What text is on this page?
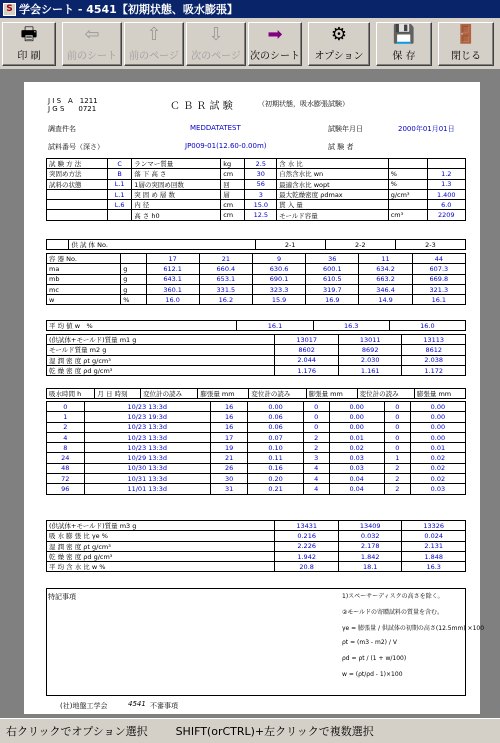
S 学会シート - 4541【初期状態、吸水膨張】
🖶
印 刷
⇦
前のシート
⇧
前のページ
⇩
次のページ
➡
次のシート
⚙
オプション
💾
保 存
🚪
閉じる
J I S　A　1211
J G S　　0721	Ｃ Ｂ Ｒ 試 験	（初期状態，吸水膨張試験）
調査件名	MEDDATATEST	試験年月日	2000年01月01日
試料番号（深さ）	JP009-01(12.60-0.00m)	試 験 者
試 験 方 法	C	ランマー質量	kg	2.5	含 水 比		
突固め方法	B	落 下 高 さ	cm	30	自然含水比 wn	%	1.2
試料の状態	L.1	1層の突固め回数	回	56	最適含水比 wopt	%	1.3
	L.1	突 固 め 層 数	層	3	最大乾燥密度 ρdmax	g/cm³	1.400
	L.6	内 径	cm	15.0	貫 入 量		6.0
		高 さ h0	cm	12.5	モールド容量	cm³	2209
	供 試 体 No.	2-1	2-2	2-3
容 器 No.		17	21	9	36	11	44
ma	g	612.1	660.4	630.6	600.1	634.2	607.3
mb	g	643.1	653.1	690.1	610.5	663.2	669.8
mc	g	360.1	331.5	323.3	319.7	346.4	321.3
w	%	16.0	16.2	15.9	16.9	14.9	16.1
平 均 値 w　%	16.1	16.3	16.0
(供試体+モールド)質量 m1 g	13017	13011	13113
モールド質量 m2 g	8602	8692	8612
湿 潤 密 度 ρt g/cm³	2.044	2.030	2.038
乾 燥 密 度 ρd g/cm³	1.176	1.161	1.172
吸水時間 h	月 日 時刻	変位計の読み	膨張量 mm	変位計の読み	膨張量 mm	変位計の読み	膨張量 mm
0	10/23 13:3d	16	0.00	0	0.00	0	0.00
1	10/23 19:3d	16	0.06	0	0.00	0	0.00
2	10/23 13:3d	16	0.06	0	0.00	0	0.00
4	10/23 13:3d	17	0.07	2	0.01	0	0.00
8	10/23 13:3d	19	0.10	2	0.02	0	0.01
24	10/29 13:3d	21	0.11	3	0.03	1	0.02
48	10/30 13:3d	26	0.16	4	0.03	2	0.02
72	10/31 13:3d	30	0.20	4	0.04	2	0.02
96	11/01 13:3d	31	0.21	4	0.04	2	0.03
(供試体+モールド)質量 m3 g	13431	13409	13326
吸 水 膨 張 比 γe %	0.216	0.032	0.024
湿 潤 密 度 ρt g/cm³	2.226	2.178	2.131
乾 燥 密 度 ρd g/cm³	1.942	1.842	1.848
平 均 含 水 比 w %	20.8	18.1	16.3
特記事項	1)スペーサーディスクの高さを除く。
②モールドの寄贈試料の質量を含む。
γe = 膨張量 / 供試体の初期の高さ(12.5mm) ×100
ρt = (m3 - m2) / V
ρd = ρt / (1 + w/100)
w = (ρt/ρd - 1)×100
(社)地盤工学会	4541 不審事項
右クリックでオプション選択	SHIFT(orCTRL)+左クリックで複数選択
